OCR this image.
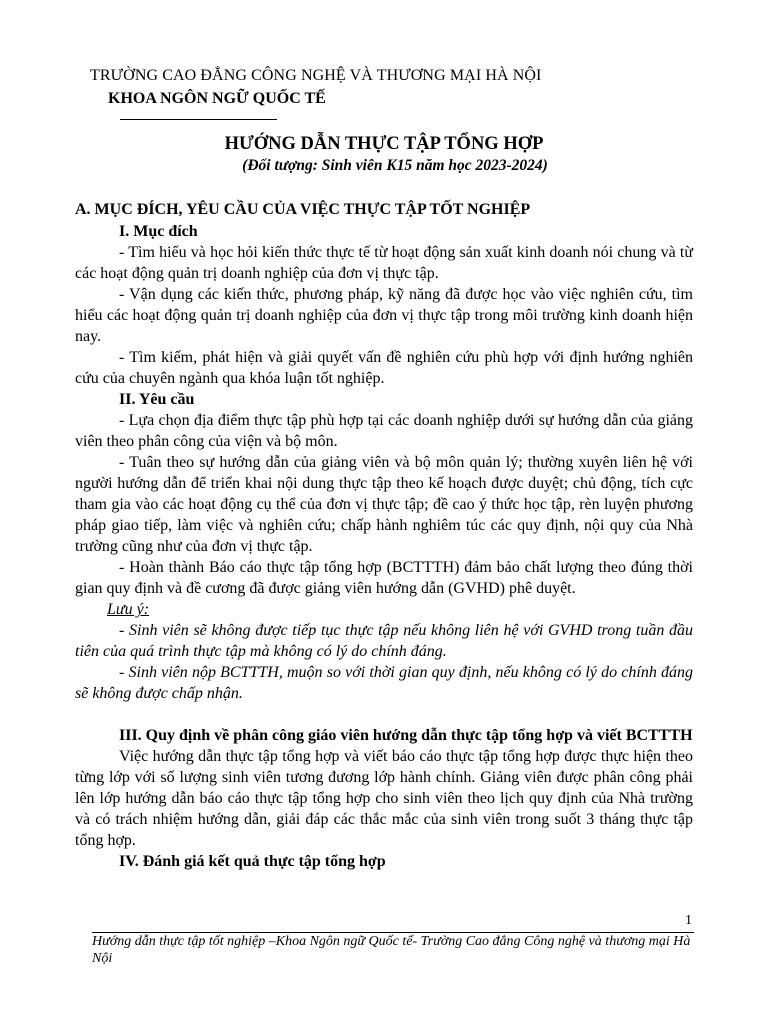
TRƯỜNG CAO ĐẲNG CÔNG NGHỆ VÀ THƯƠNG MẠI HÀ NỘI
KHOA NGÔN NGỮ QUỐC TẾ
HƯỚNG DẪN THỰC TẬP TỔNG HỢP
(Đối tượng: Sinh viên K15 năm học 2023-2024)

A. MỤC ĐÍCH, YÊU CẦU CỦA VIỆC THỰC TẬP TỐT NGHIỆP

I. Mục đích

- Tìm hiểu và học hỏi kiến thức thực tế từ hoạt động sản xuất kinh doanh nói chung và từ các hoạt động quản trị doanh nghiệp của đơn vị thực tập.

- Vận dụng các kiến thức, phương pháp, kỹ năng đã được học vào việc nghiên cứu, tìm hiểu các hoạt động quản trị doanh nghiệp của đơn vị thực tập trong môi trường kinh doanh hiện nay.

- Tìm kiếm, phát hiện và giải quyết vấn đề nghiên cứu phù hợp với định hướng nghiên cứu của chuyên ngành qua khóa luận tốt nghiệp.

II. Yêu cầu

- Lựa chọn địa điểm thực tập phù hợp tại các doanh nghiệp dưới sự hướng dẫn của giảng viên theo phân công của viện và bộ môn.

- Tuân theo sự hướng dẫn của giảng viên và bộ môn quản lý; thường xuyên liên hệ với người hướng dẫn để triển khai nội dung thực tập theo kế hoạch được duyệt; chủ động, tích cực tham gia vào các hoạt động cụ thể của đơn vị thực tập; đề cao ý thức học tập, rèn luyện phương pháp giao tiếp, làm việc và nghiên cứu; chấp hành nghiêm túc các quy định, nội quy của Nhà trường cũng như của đơn vị thực tập.

- Hoàn thành Báo cáo thực tập tổng hợp (BCTTTH) đảm bảo chất lượng theo đúng thời gian quy định và đề cương đã được giảng viên hướng dẫn (GVHD) phê duyệt.

Lưu ý:

- Sinh viên sẽ không được tiếp tục thực tập nếu không liên hệ với GVHD trong tuần đầu tiên của quá trình thực tập mà không có lý do chính đáng.

- Sinh viên nộp BCTTTH, muộn so với thời gian quy định, nếu không có lý do chính đáng sẽ không được chấp nhận.

III. Quy định về phân công giáo viên hướng dẫn thực tập tổng hợp và viết BCTTTH

Việc hướng dẫn thực tập tổng hợp và viết báo cáo thực tập tổng hợp được thực hiện theo từng lớp với số lượng sinh viên tương đương lớp hành chính. Giảng viên được phân công phải lên lớp hướng dẫn báo cáo thực tập tổng hợp cho sinh viên theo lịch quy định của Nhà trường và có trách nhiệm hướng dẫn, giải đáp các thắc mắc của sinh viên trong suốt 3 tháng thực tập tổng hợp.

IV. Đánh giá kết quả thực tập tổng hợp

1
Hướng dẫn thực tập tốt nghiệp –Khoa Ngôn ngữ Quốc tế- Trường Cao đẳng Công nghệ và thương mại Hà Nội
